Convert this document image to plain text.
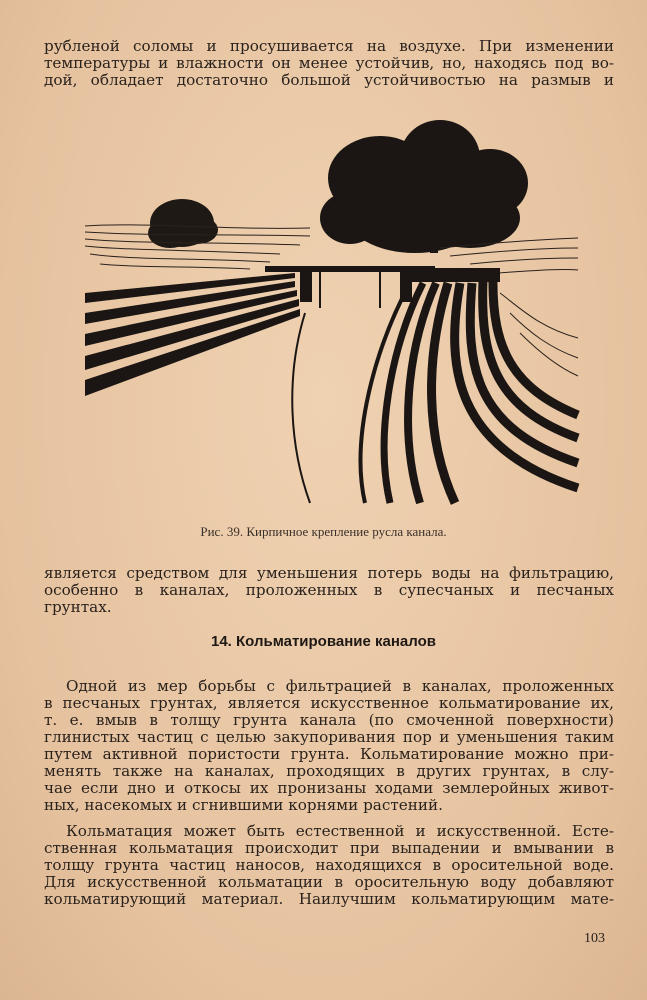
рубленой соломы и просушивается на воздухе. При изменении
температуры и влажности он менее устойчив, но, находясь под во-
дой, обладает достаточно большой устойчивостью на размыв и
Рис. 39. Кирпичное крепление русла канала.
является средством для уменьшения потерь воды на фильтрацию,
особенно в каналах, проложенных в супесчаных и песчаных
грунтах.
14. Кольматирование каналов
Одной из мер борьбы с фильтрацией в каналах, проложенных
в песчаных грунтах, является искусственное кольматирование их,
т. е. вмыв в толщу грунта канала (по смоченной поверхности)
глинистых частиц с целью закупоривания пор и уменьшения таким
путем активной пористости грунта. Кольматирование можно при-
менять также на каналах, проходящих в других грунтах, в слу-
чае если дно и откосы их пронизаны ходами землеройных живот-
ных, насекомых и сгнившими корнями растений.
Кольматация может быть естественной и искусственной. Есте-
ственная кольматация происходит при выпадении и вмывании в
толщу грунта частиц наносов, находящихся в оросительной воде.
Для искусственной кольматации в оросительную воду добавляют
кольматирующий материал. Наилучшим кольматирующим мате-
103
